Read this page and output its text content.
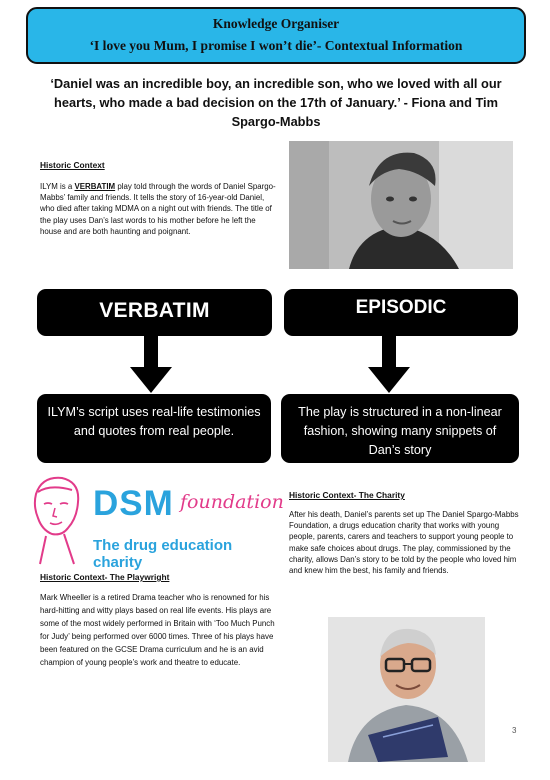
Knowledge Organiser
‘I love you Mum, I promise I won’t die’- Contextual Information
‘Daniel was an incredible boy, an incredible son, who we loved with all our hearts, who made a bad decision on the 17th of January.’ - Fiona and Tim Spargo-Mabbs
Historic Context
ILYM is a VERBATIM play told through the words of Daniel Spargo-Mabbs’ family and friends. It tells the story of 16-year-old Daniel, who died after taking MDMA on a night out with friends. The title of the play uses Dan’s last words to his mother before he left the house and are both haunting and poignant.
VERBATIM	EPISODIC
ILYM’s script uses real-life testimonies and quotes from real people.
The play is structured in a non-linear fashion, showing many snippets of Dan’s story
DSM foundation
The drug education charity
Historic Context- The Playwright
Mark Wheeller is a retired Drama teacher who is renowned for his hard-hitting and witty plays based on real life events. His plays are some of the most widely performed in Britain with ‘Too Much Punch for Judy’ being performed over 6000 times. Three of his plays have been featured on the GCSE Drama curriculum and he is an avid champion of young people’s work and theatre to educate.
Historic Context- The Charity
After his death, Daniel’s parents set up The Daniel Spargo-Mabbs Foundation, a drugs education charity that works with young people, parents, carers and teachers to support young people to make safe choices about drugs. The play, commissioned by the charity, allows Dan’s story to be told by the people who loved him and knew him the best, his family and friends.
3
